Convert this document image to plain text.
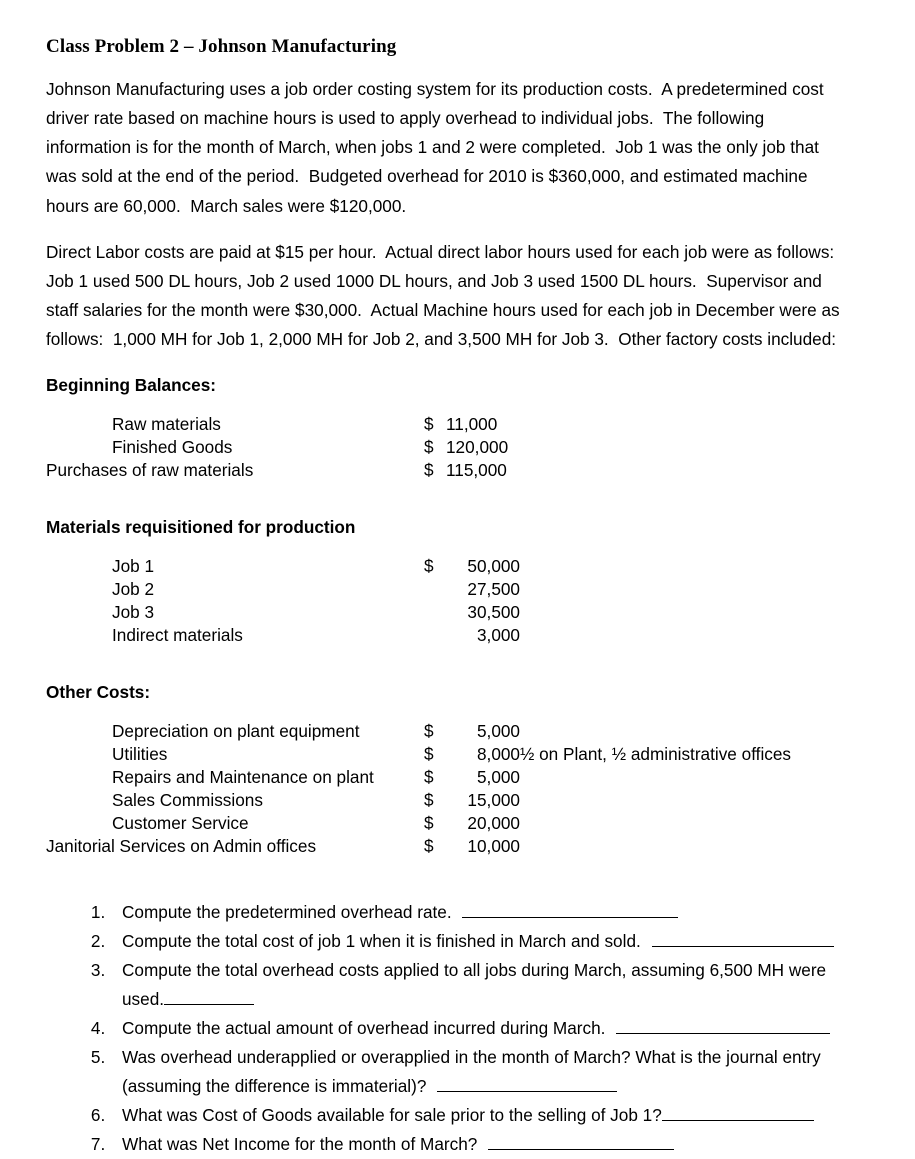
Class Problem 2 – Johnson Manufacturing

Johnson Manufacturing uses a job order costing system for its production costs.  A predetermined cost driver rate based on machine hours is used to apply overhead to individual jobs.  The following information is for the month of March, when jobs 1 and 2 were completed.  Job 1 was the only job that was sold at the end of the period.  Budgeted overhead for 2010 is $360,000, and estimated machine hours are 60,000.  March sales were $120,000.

Direct Labor costs are paid at $15 per hour.  Actual direct labor hours used for each job were as follows:  Job 1 used 500 DL hours, Job 2 used 1000 DL hours, and Job 3 used 1500 DL hours.  Supervisor and staff salaries for the month were $30,000.  Actual Machine hours used for each job in December were as follows:  1,000 MH for Job 1, 2,000 MH for Job 2, and 3,500 MH for Job 3.  Other factory costs included:

Beginning Balances:
Raw materials	$	11,000
Finished Goods	$	120,000
Purchases of raw materials	$	115,000
Materials requisitioned for production
Job 1	$	50,000
Job 2		27,500
Job 3		30,500
Indirect materials		3,000
Other Costs:
Depreciation on plant equipment	$	5,000	
Utilities	$	8,000	½ on Plant, ½ administrative offices
Repairs and Maintenance on plant	$	5,000	
Sales Commissions	$	15,000	
Customer Service	$	20,000	
Janitorial Services on Admin offices	$	10,000	
1. Compute the predetermined overhead rate.
2. Compute the total cost of job 1 when it is finished in March and sold.
3. Compute the total overhead costs applied to all jobs during March, assuming 6,500 MH were used.
4. Compute the actual amount of overhead incurred during March.
5. Was overhead underapplied or overapplied in the month of March? What is the journal entry (assuming the difference is immaterial)?
6. What was Cost of Goods available for sale prior to the selling of Job 1?
7. What was Net Income for the month of March?
